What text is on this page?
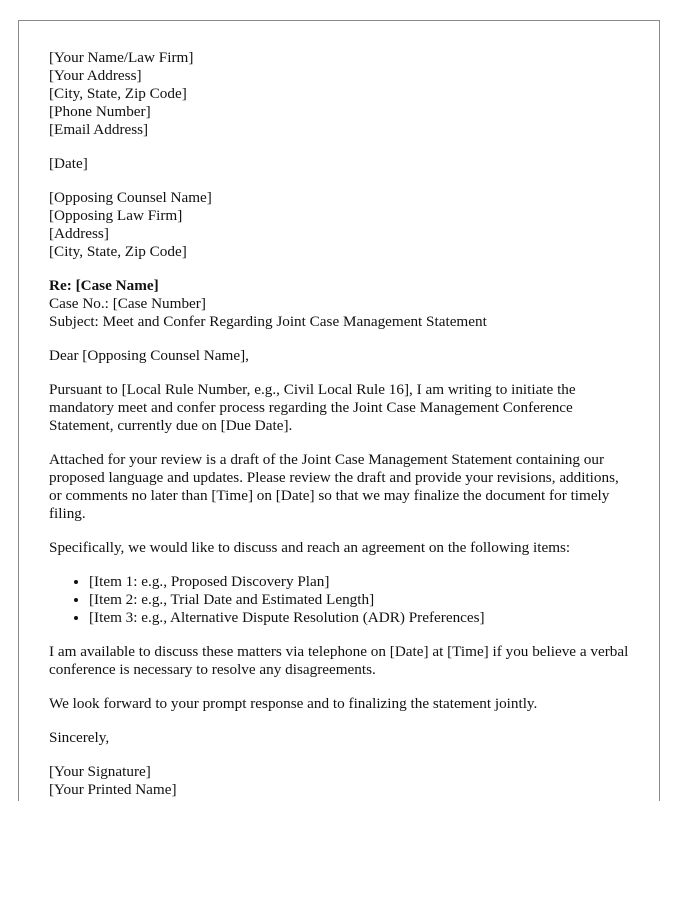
[Your Name/Law Firm]
[Your Address]
[City, State, Zip Code]
[Phone Number]
[Email Address]
[Date]
[Opposing Counsel Name]
[Opposing Law Firm]
[Address]
[City, State, Zip Code]
Re: [Case Name]
Case No.: [Case Number]
Subject: Meet and Confer Regarding Joint Case Management Statement

Dear [Opposing Counsel Name],

Pursuant to [Local Rule Number, e.g., Civil Local Rule 16], I am writing to initiate the mandatory meet and confer process regarding the Joint Case Management Conference Statement, currently due on [Due Date].

Attached for your review is a draft of the Joint Case Management Statement containing our proposed language and updates. Please review the draft and provide your revisions, additions, or comments no later than [Time] on [Date] so that we may finalize the document for timely filing.

Specifically, we would like to discuss and reach an agreement on the following items:

• [Item 1: e.g., Proposed Discovery Plan]
• [Item 2: e.g., Trial Date and Estimated Length]
• [Item 3: e.g., Alternative Dispute Resolution (ADR) Preferences]

I am available to discuss these matters via telephone on [Date] at [Time] if you believe a verbal conference is necessary to resolve any disagreements.

We look forward to your prompt response and to finalizing the statement jointly.

Sincerely,

[Your Signature]
[Your Printed Name]
